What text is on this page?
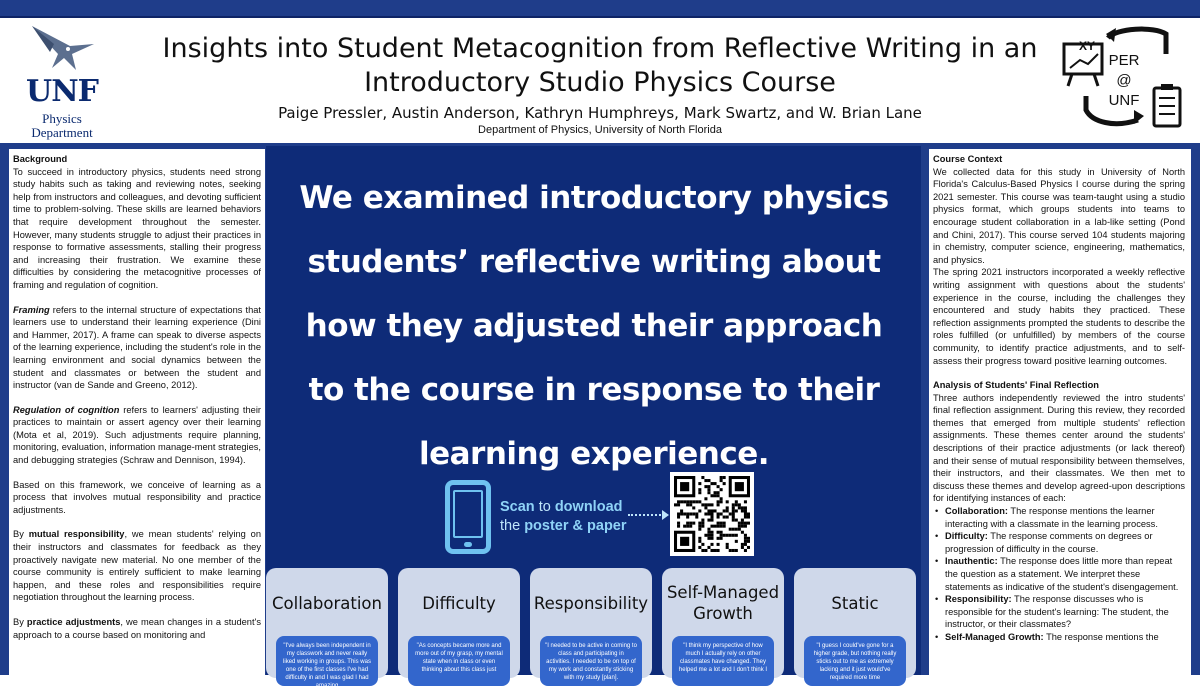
UNF
Physics
Department
Insights into Student Metacognition from Reflective Writing in an Introductory Studio Physics Course
Paige Pressler, Austin Anderson, Kathryn Humphreys, Mark Swartz, and W. Brian Lane
Department of Physics, University of North Florida
XY
PER
@
UNF
Background

To succeed in introductory physics, students need strong study habits such as taking and reviewing notes, seeking help from instructors and colleagues, and devoting sufficient time to problem-solving. These skills are learned behaviors that require development throughout the semester. However, many students struggle to adjust their practices in response to formative assessments, stalling their progress and increasing their frustration. We examine these difficulties by considering the metacognitive processes of framing and regulation of cognition.

Framing refers to the internal structure of expectations that learners use to understand their learning experience (Dini and Hammer, 2017). A frame can speak to diverse aspects of the learning experience, including the student's role in the learning environment and social dynamics between the student and classmates or between the student and instructor (van de Sande and Greeno, 2012).

Regulation of cognition refers to learners' adjusting their practices to maintain or assert agency over their learning (Mota et al, 2019). Such adjustments require planning, monitoring, evaluation, information manage-ment strategies, and debugging strategies (Schraw and Dennison, 1994).

Based on this framework, we conceive of learning as a process that involves mutual responsibility and practice adjustments.

By mutual responsibility, we mean students' relying on their instructors and classmates for feedback as they proactively navigate new material. No one member of the course community is entirely sufficient to make learning happen, and these roles and responsibilities require negotiation throughout the learning process.

By practice adjustments, we mean changes in a student's approach to a course based on monitoring and

We examined introductory physics students’ reflective writing about how they adjusted their approach to the course in response to their learning experience.
Scan to download
the poster & paper
Collaboration
"I've always been independent in my classwork and never really liked working in groups. This was one of the first classes I've had difficulty in and I was glad I had amazing
Difficulty
"As concepts became more and more out of my grasp, my mental state when in class or even thinking about this class just
Responsibility
"I needed to be active in coming to class and participating in activities. I needed to be on top of my work and constantly sticking with my study [plan].
Self-Managed Growth
"I think my perspective of how much I actually rely on other classmates have changed. They helped me a lot and I don't think I
Static
"I guess I could've gone for a higher grade, but nothing really sticks out to me as extremely lacking and it just would've required more time
Course Context

We collected data for this study in University of North Florida's Calculus-Based Physics I course during the spring 2021 semester. This course was team-taught using a studio physics format, which groups students into teams to encourage student collaboration in a lab-like setting (Pond and Chini, 2017). This course served 104 students majoring in chemistry, computer science, engineering, mathematics, and physics.

The spring 2021 instructors incorporated a weekly reflective writing assignment with questions about the students' experience in the course, including the challenges they encountered and study habits they practiced. These reflection assignments prompted the students to describe the roles fulfilled (or unfulfilled) by members of the course community, to identify practice adjustments, and to self-assess their progress toward positive learning outcomes.

Analysis of Students' Final Reflection

Three authors independently reviewed the intro students' final reflection assignment. During this review, they recorded themes that emerged from multiple students' reflection assignments. These themes center around the students' descriptions of their practice adjustments (or lack thereof) and their sense of mutual responsibility between themselves, their instructors, and their classmates. We then met to discuss these themes and develop agreed-upon descriptions for identifying instances of each:

• Collaboration: The response mentions the learner interacting with a classmate in the learning process.
• Difficulty: The response comments on degrees or progression of difficulty in the course.
• Inauthentic: The response does little more than repeat the question as a statement. We interpret these statements as indicative of the student's disengagement.
• Responsibility: The response discusses who is responsible for the student's learning: The student, the instructor, or their classmates?
• Self-Managed Growth: The response mentions the
